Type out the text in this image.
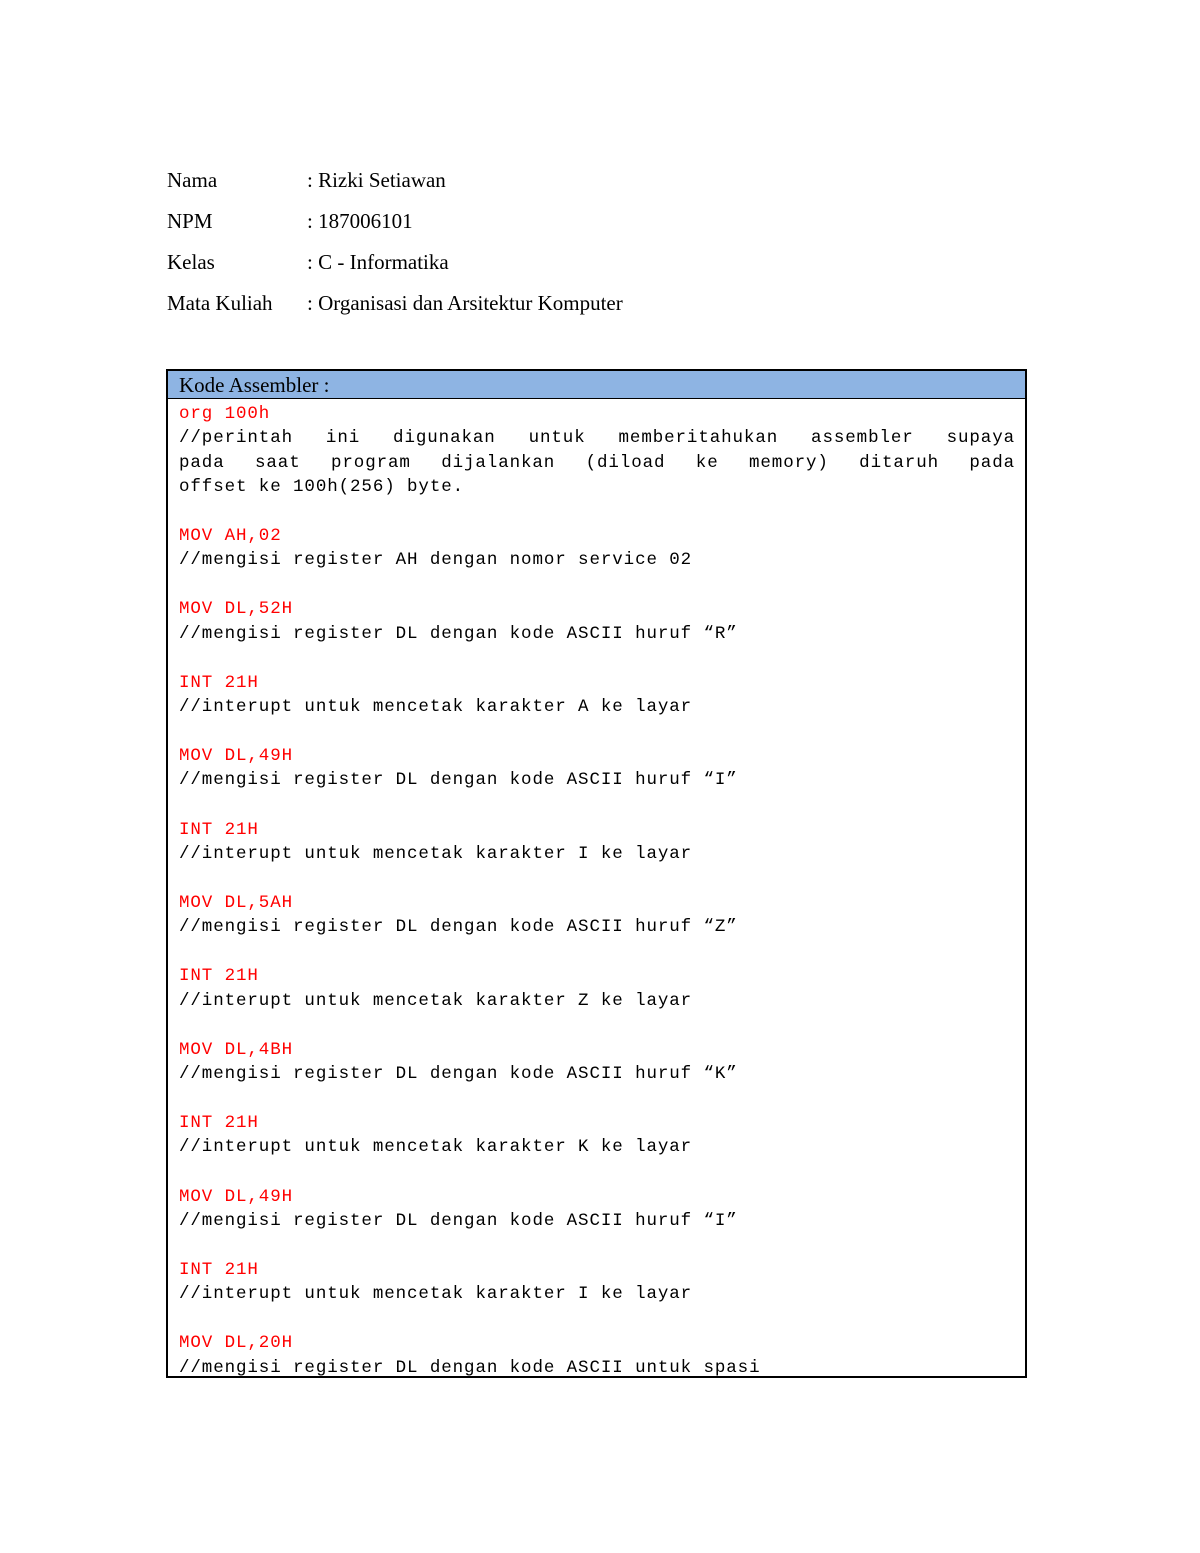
Nama	: Rizki Setiawan
NPM	: 187006101
Kelas	: C - Informatika
Mata Kuliah	: Organisasi dan Arsitektur Komputer
Kode Assembler :
org 100h
//perintah ini digunakan untuk memberitahukan assembler supaya
pada saat program dijalankan (diload ke memory) ditaruh pada
offset ke 100h(256) byte.
MOV AH,02
//mengisi register AH dengan nomor service 02
MOV DL,52H
//mengisi register DL dengan kode ASCII huruf “R”
INT 21H
//interupt untuk mencetak karakter A ke layar
MOV DL,49H
//mengisi register DL dengan kode ASCII huruf “I”
INT 21H
//interupt untuk mencetak karakter I ke layar
MOV DL,5AH
//mengisi register DL dengan kode ASCII huruf “Z”
INT 21H
//interupt untuk mencetak karakter Z ke layar
MOV DL,4BH
//mengisi register DL dengan kode ASCII huruf “K”
INT 21H
//interupt untuk mencetak karakter K ke layar
MOV DL,49H
//mengisi register DL dengan kode ASCII huruf “I”
INT 21H
//interupt untuk mencetak karakter I ke layar
MOV DL,20H
//mengisi register DL dengan kode ASCII untuk spasi
